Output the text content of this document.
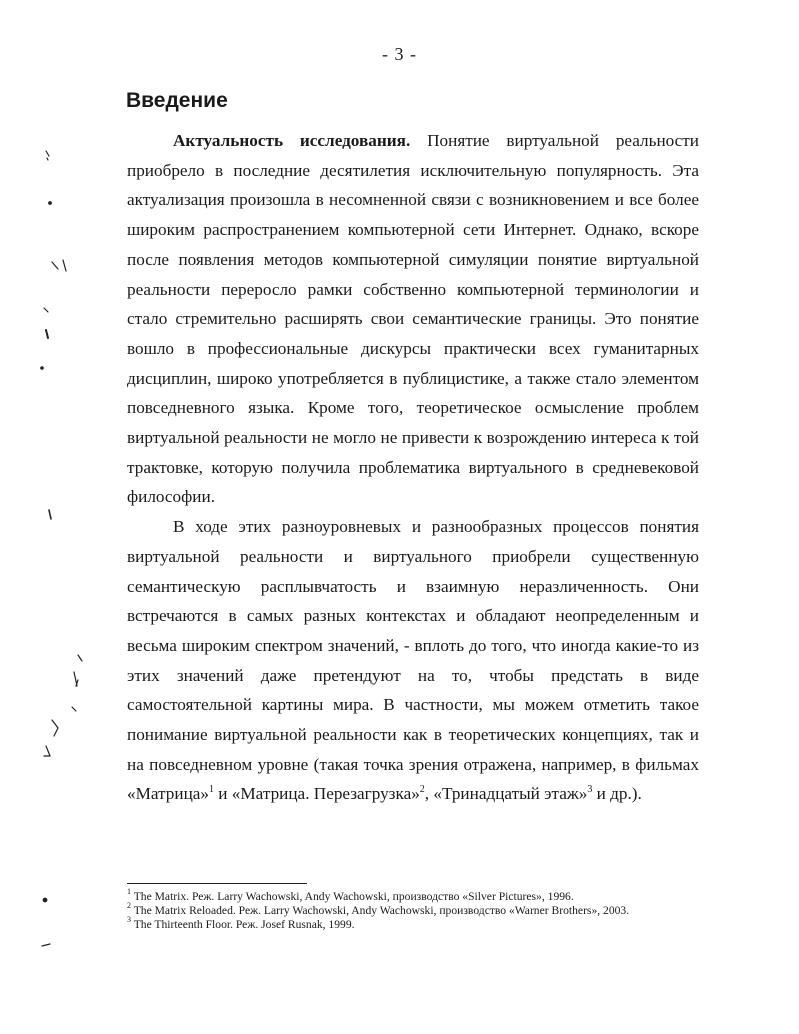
- 3 -
Введение

Актуальность исследования. Понятие виртуальной реальности приобрело в последние десятилетия исключительную популярность. Эта актуализация произошла в несомненной связи с возникновением и все более широким распространением компьютерной сети Интернет. Однако, вскоре после появления методов компьютерной симуляции понятие виртуальной реальности переросло рамки собственно компьютерной терминологии и стало стремительно расширять свои семантические границы. Это понятие вошло в профессиональные дискурсы практически всех гуманитарных дисциплин, широко употребляется в публицистике, а также стало элементом повседневного языка. Кроме того, теоретическое осмысление проблем виртуальной реальности не могло не привести к возрождению интереса к той трактовке, которую получила проблематика виртуального в средневековой философии.

В ходе этих разноуровневых и разнообразных процессов понятия виртуальной реальности и виртуального приобрели существенную семантическую расплывчатость и взаимную неразличенность. Они встречаются в самых разных контекстах и обладают неопределенным и весьма широким спектром значений, - вплоть до того, что иногда какие-то из этих значений даже претендуют на то, чтобы предстать в виде самостоятельной картины мира. В частности, мы можем отметить такое понимание виртуальной реальности как в теоретических концепциях, так и на повседневном уровне (такая точка зрения отражена, например, в фильмах «Матрица»$^1$ и «Матрица. Перезагрузка»$^2$, «Тринадцатый этаж»$^3$ и др.).

$^1$ The Matrix. Реж. Larry Wachowski, Andy Wachowski, производство «Silver Pictures», 1996.
$^2$ The Matrix Reloaded. Реж. Larry Wachowski, Andy Wachowski, производство «Warner Brothers», 2003.
$^3$ The Thirteenth Floor. Реж. Josef Rusnak, 1999.
